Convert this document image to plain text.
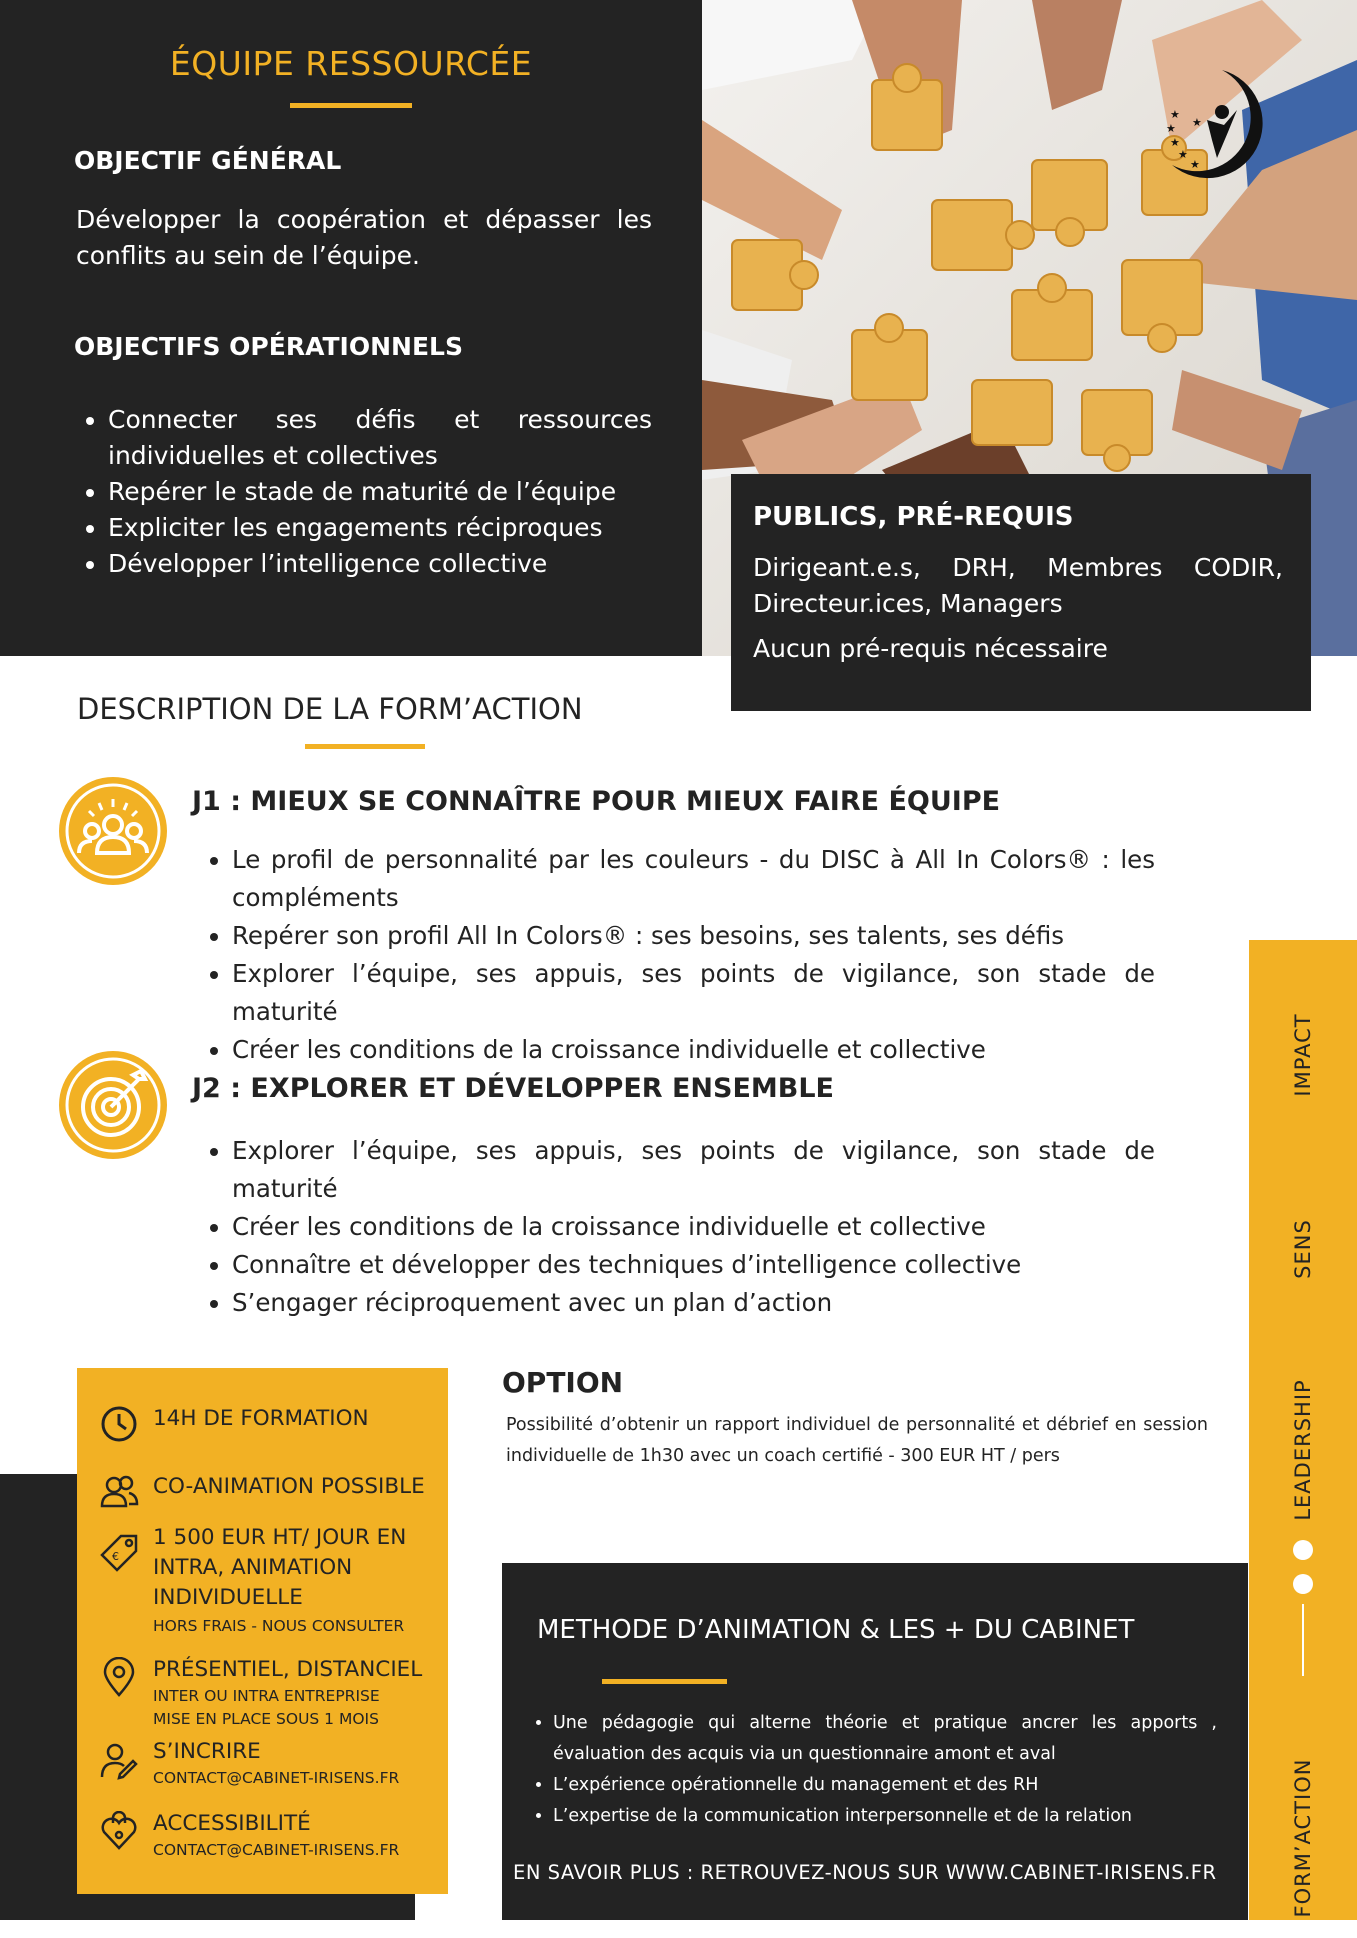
ÉQUIPE RESSOURCÉE
OBJECTIF GÉNÉRAL
Développer la coopération et dépasser les conflits au sein de l’équipe.
OBJECTIFS OPÉRATIONNELS
• Connecter ses défis et ressources individuelles et collectives
• Repérer le stade de maturité de l’équipe
• Expliciter les engagements réciproques
• Développer l’intelligence collective
★
★
★
★
★
★
PUBLICS, PRÉ-REQUIS
Dirigeant.e.s, DRH, Membres CODIR, Directeur.ices, Managers
Aucun pré-requis nécessaire
DESCRIPTION DE LA FORM’ACTION
J1 : MIEUX SE CONNAÎTRE POUR MIEUX FAIRE ÉQUIPE
• Le profil de personnalité par les couleurs - du DISC à All In Colors® : les compléments
• Repérer son profil All In Colors® : ses besoins, ses talents, ses défis
• Explorer l’équipe, ses appuis, ses points de vigilance, son stade de maturité
• Créer les conditions de la croissance individuelle et collective
J2 : EXPLORER ET DÉVELOPPER ENSEMBLE
• Explorer l’équipe, ses appuis, ses points de vigilance, son stade de maturité
• Créer les conditions de la croissance individuelle et collective
• Connaître et développer des techniques d’intelligence collective
• S’engager réciproquement avec un plan d’action
14H DE FORMATION
CO-ANIMATION POSSIBLE
€
1 500 EUR HT/ JOUR EN
INTRA, ANIMATION
INDIVIDUELLE
HORS FRAIS - NOUS CONSULTER
PRÉSENTIEL, DISTANCIEL
INTER OU INTRA ENTREPRISE
MISE EN PLACE SOUS 1 MOIS
S’INCRIRE
CONTACT@CABINET-IRISENS.FR
ACCESSIBILITÉ
CONTACT@CABINET-IRISENS.FR
OPTION
Possibilité d’obtenir un rapport individuel de personnalité et débrief en session individuelle de 1h30 avec un coach certifié - 300 EUR HT / pers
METHODE D’ANIMATION & LES + DU CABINET
• Une pédagogie qui alterne théorie et pratique ancrer les apports , évaluation des acquis via un questionnaire amont et aval
• L’expérience opérationnelle du management et des RH
• L’expertise de la communication interpersonnelle et de la relation
EN SAVOIR PLUS : RETROUVEZ-NOUS SUR WWW.CABINET-IRISENS.FR
IMPACT
SENS
LEADERSHIP
FORM’ACTION
